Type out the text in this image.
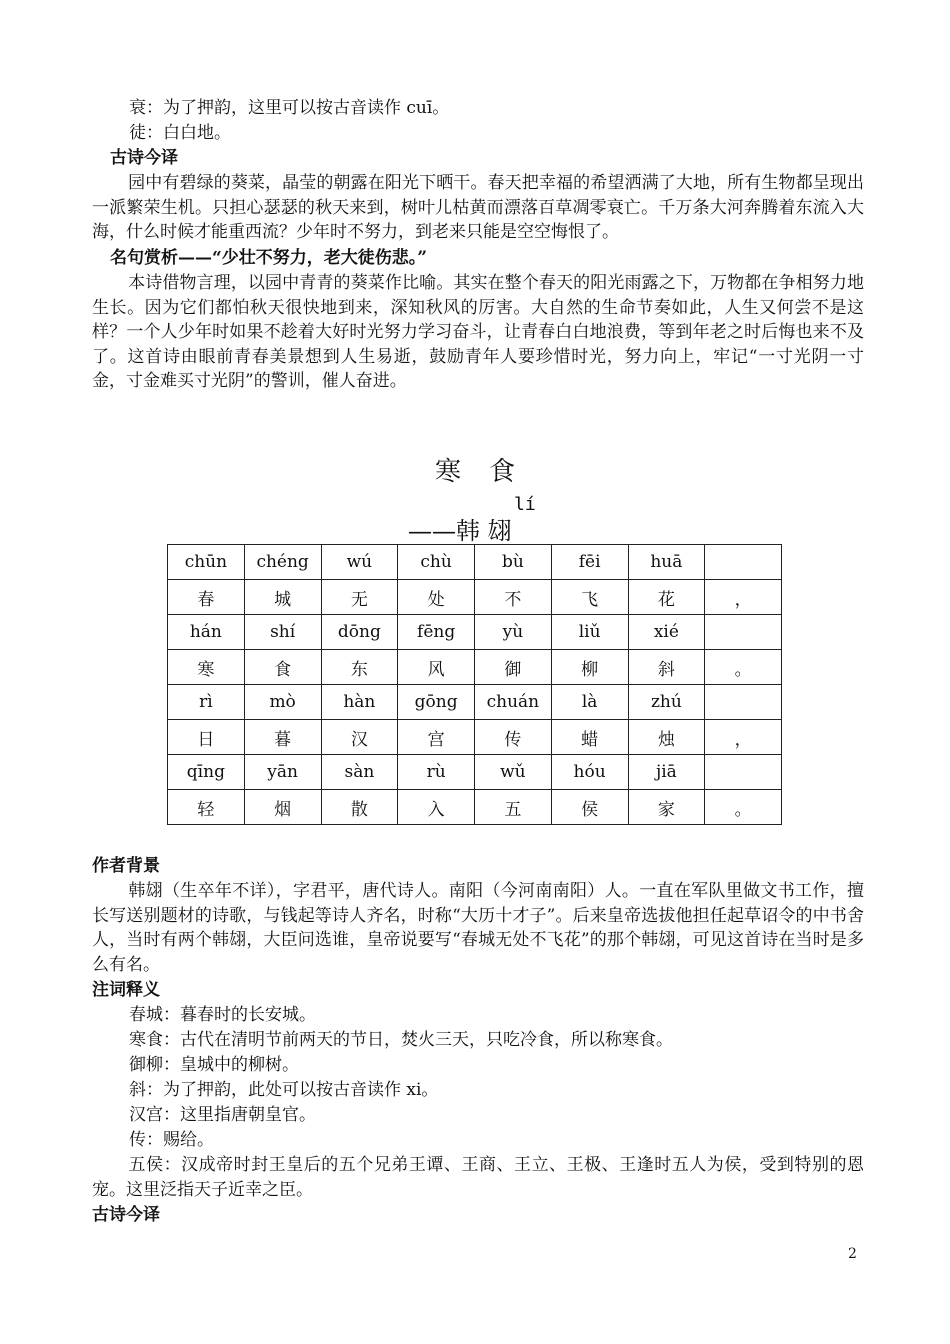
衰：为了押韵，这里可以按古音读作 cuī。
徒：白白地。
古诗今译
园中有碧绿的葵菜，晶莹的朝露在阳光下晒干。春天把幸福的希望洒满了大地，所有生物都呈现出一派繁荣生机。只担心瑟瑟的秋天来到，树叶儿枯黄而漂落百草凋零衰亡。千万条大河奔腾着东流入大海，什么时候才能重西流？少年时不努力，到老来只能是空空悔恨了。
名句赏析——“少壮不努力，老大徒伤悲。”
本诗借物言理，以园中青青的葵菜作比喻。其实在整个春天的阳光雨露之下，万物都在争相努力地生长。因为它们都怕秋天很快地到来，深知秋风的厉害。大自然的生命节奏如此，人生又何尝不是这样？一个人少年时如果不趁着大好时光努力学习奋斗，让青春白白地浪费，等到年老之时后悔也来不及了。这首诗由眼前青春美景想到人生易逝，鼓励青年人要珍惜时光，努力向上，牢记“一寸光阴一寸金，寸金难买寸光阴”的警训，催人奋进。
寒食
lí
——韩 翃
chūn	chéng	wú	chù	bù	fēi	huā	
春	城	无	处	不	飞	花	，
hán	shí	dōng	fēng	yù	liǔ	xié	
寒	食	东	风	御	柳	斜	。
rì	mò	hàn	gōng	chuán	là	zhú	
日	暮	汉	宫	传	蜡	烛	，
qīng	yān	sàn	rù	wǔ	hóu	jiā	
轻	烟	散	入	五	侯	家	。
作者背景
韩翃（生卒年不详），字君平，唐代诗人。南阳（今河南南阳）人。一直在军队里做文书工作，擅长写送别题材的诗歌，与钱起等诗人齐名，时称“大历十才子”。后来皇帝选拔他担任起草诏令的中书舍人，当时有两个韩翃，大臣问选谁，皇帝说要写“春城无处不飞花”的那个韩翃，可见这首诗在当时是多么有名。
注词释义
春城：暮春时的长安城。
寒食：古代在清明节前两天的节日，焚火三天，只吃冷食，所以称寒食。
御柳：皇城中的柳树。
斜：为了押韵，此处可以按古音读作 xi。
汉宫：这里指唐朝皇官。
传：赐给。
五侯：汉成帝时封王皇后的五个兄弟王谭、王商、王立、王极、王逢时五人为侯，受到特别的恩宠。这里泛指天子近幸之臣。
古诗今译
2
